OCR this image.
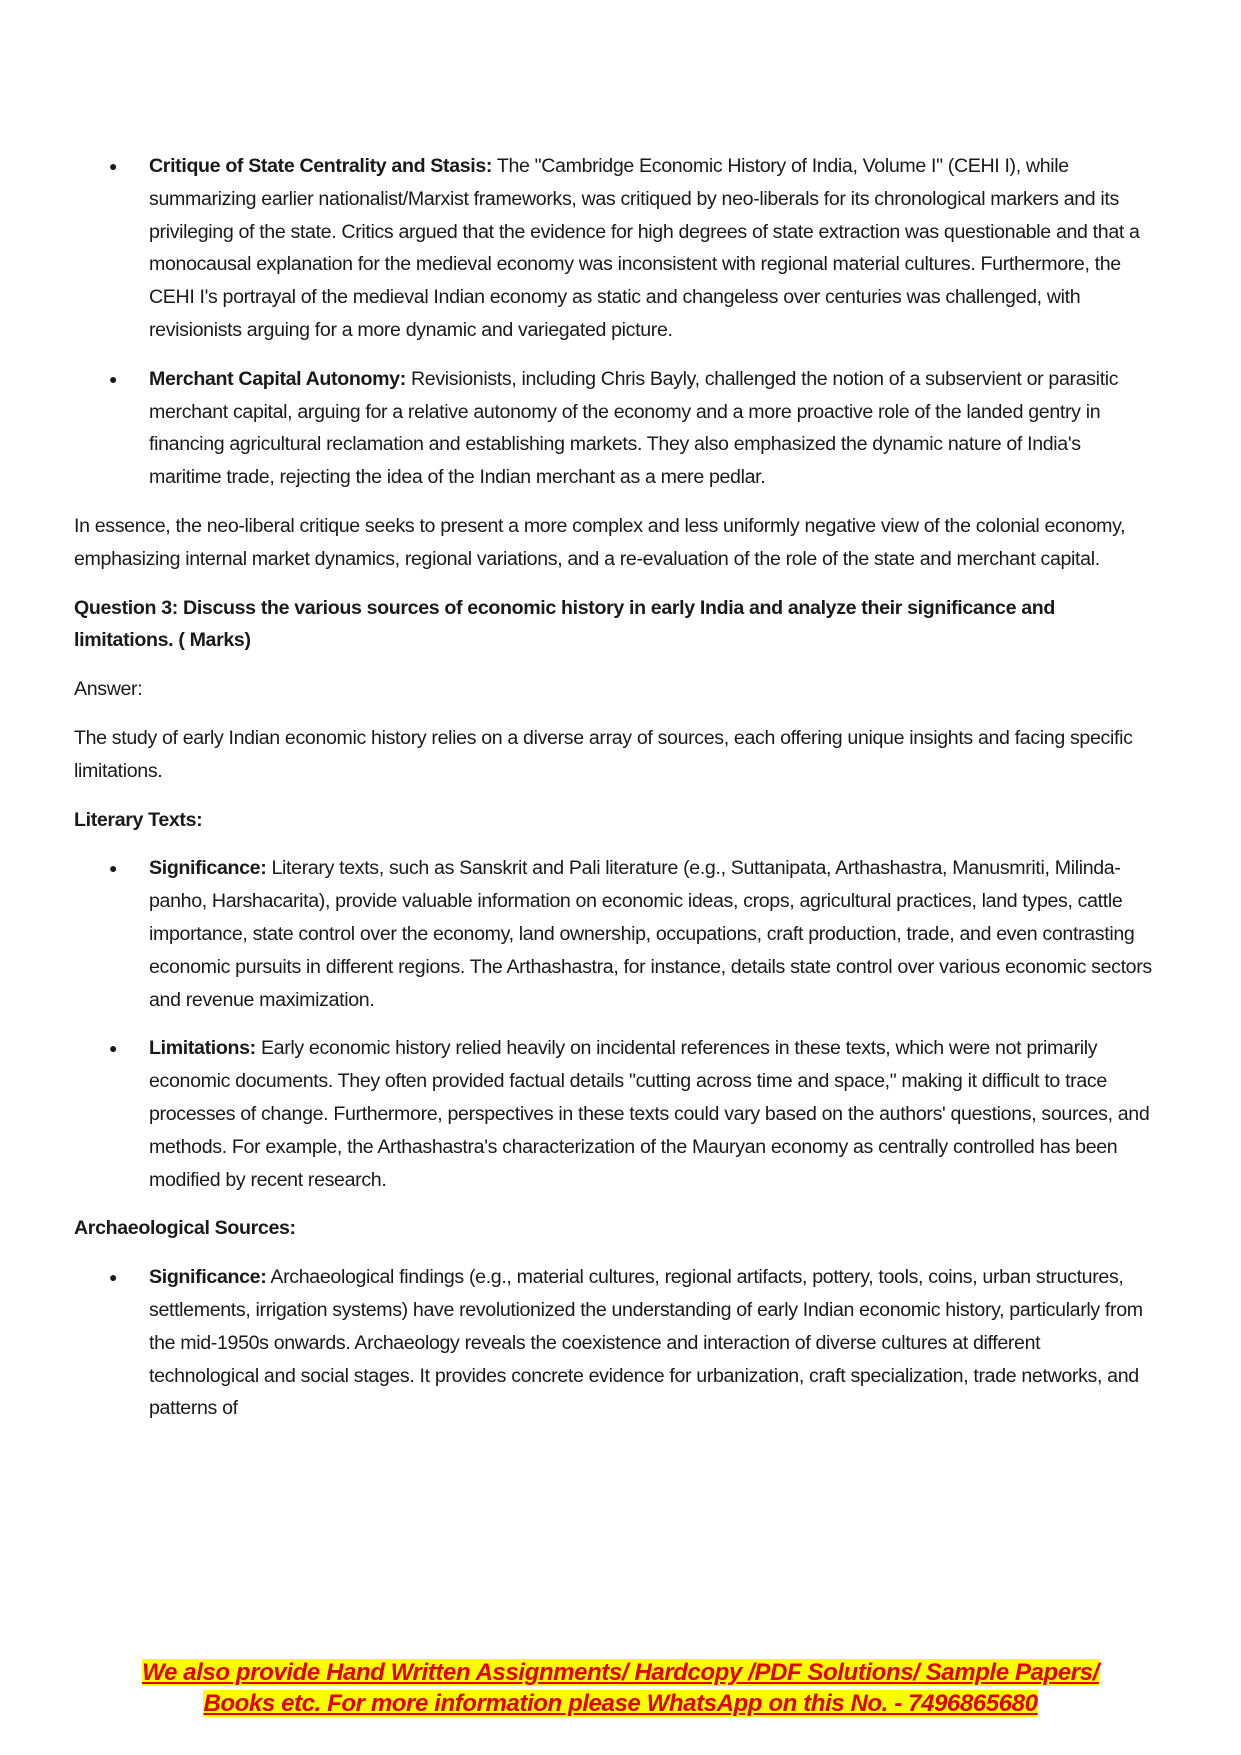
● Critique of State Centrality and Stasis: The "Cambridge Economic History of India, Volume I" (CEHI I), while summarizing earlier nationalist/Marxist frameworks, was critiqued by neo-liberals for its chronological markers and its privileging of the state. Critics argued that the evidence for high degrees of state extraction was questionable and that a monocausal explanation for the medieval economy was inconsistent with regional material cultures. Furthermore, the CEHI I's portrayal of the medieval Indian economy as static and changeless over centuries was challenged, with revisionists arguing for a more dynamic and variegated picture.
● Merchant Capital Autonomy: Revisionists, including Chris Bayly, challenged the notion of a subservient or parasitic merchant capital, arguing for a relative autonomy of the economy and a more proactive role of the landed gentry in financing agricultural reclamation and establishing markets. They also emphasized the dynamic nature of India's maritime trade, rejecting the idea of the Indian merchant as a mere pedlar.

In essence, the neo-liberal critique seeks to present a more complex and less uniformly negative view of the colonial economy, emphasizing internal market dynamics, regional variations, and a re-evaluation of the role of the state and merchant capital.

Question 3: Discuss the various sources of economic history in early India and analyze their significance and limitations. ( Marks)

Answer:

The study of early Indian economic history relies on a diverse array of sources, each offering unique insights and facing specific limitations.

Literary Texts:

● Significance: Literary texts, such as Sanskrit and Pali literature (e.g., Suttanipata, Arthashastra, Manusmriti, Milinda-panho, Harshacarita), provide valuable information on economic ideas, crops, agricultural practices, land types, cattle importance, state control over the economy, land ownership, occupations, craft production, trade, and even contrasting economic pursuits in different regions. The Arthashastra, for instance, details state control over various economic sectors and revenue maximization.
● Limitations: Early economic history relied heavily on incidental references in these texts, which were not primarily economic documents. They often provided factual details "cutting across time and space," making it difficult to trace processes of change. Furthermore, perspectives in these texts could vary based on the authors' questions, sources, and methods. For example, the Arthashastra's characterization of the Mauryan economy as centrally controlled has been modified by recent research.

Archaeological Sources:

● Significance: Archaeological findings (e.g., material cultures, regional artifacts, pottery, tools, coins, urban structures, settlements, irrigation systems) have revolutionized the understanding of early Indian economic history, particularly from the mid-1950s onwards. Archaeology reveals the coexistence and interaction of diverse cultures at different technological and social stages. It provides concrete evidence for urbanization, craft specialization, trade networks, and patterns of
We also provide Hand Written Assignments/ Hardcopy /PDF Solutions/ Sample Papers/
Books etc. For more information please WhatsApp on this No. - 7496865680
